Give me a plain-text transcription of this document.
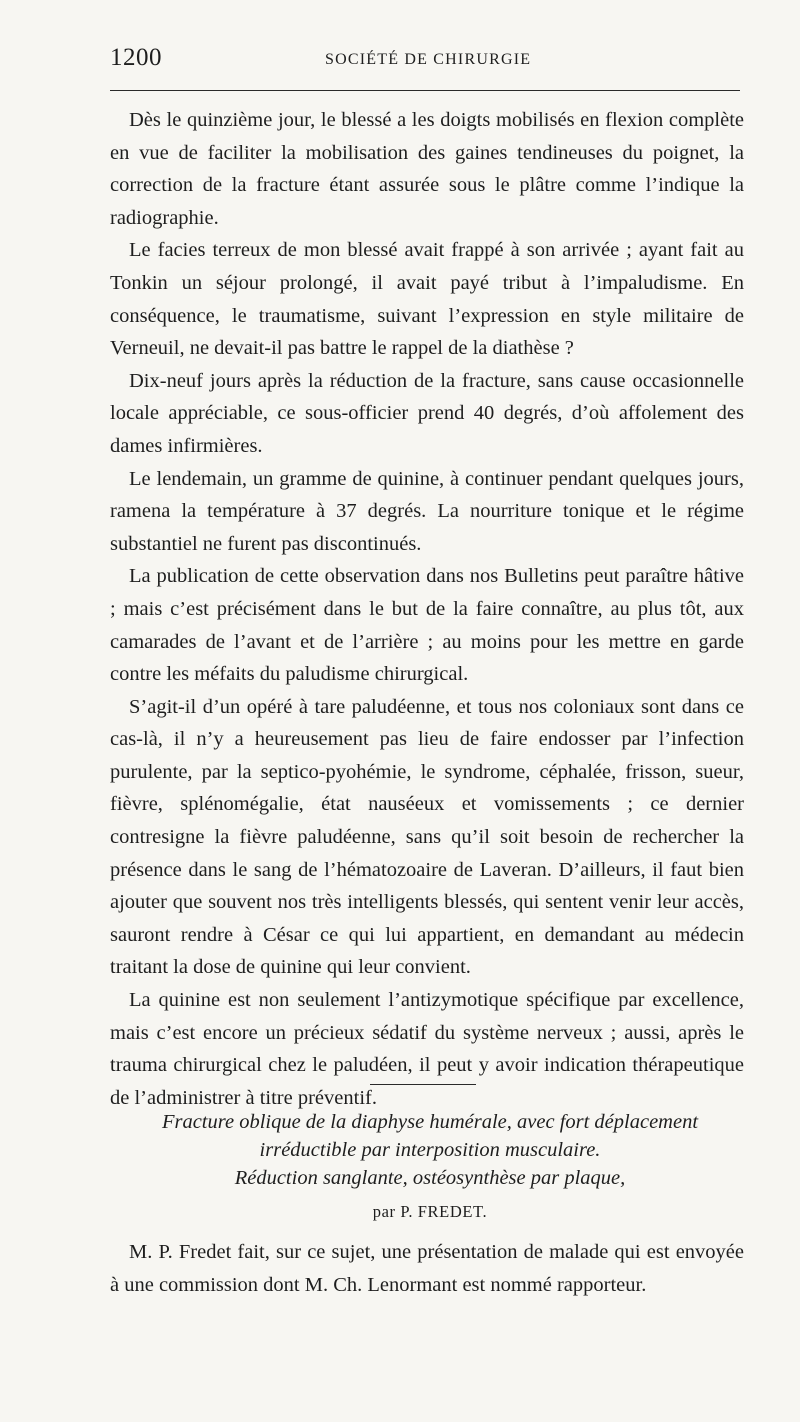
1200	SOCIÉTÉ DE CHIRURGIE

Dès le quinzième jour, le blessé a les doigts mobilisés en flexion complète en vue de faciliter la mobilisation des gaines tendineuses du poignet, la correction de la fracture étant assurée sous le plâtre comme l’indique la radiographie.

Le facies terreux de mon blessé avait frappé à son arrivée ; ayant fait au Tonkin un séjour prolongé, il avait payé tribut à l’impaludisme. En conséquence, le traumatisme, suivant l’expression en style militaire de Verneuil, ne devait-il pas battre le rappel de la diathèse ?

Dix-neuf jours après la réduction de la fracture, sans cause occasionnelle locale appréciable, ce sous-officier prend 40 degrés, d’où affolement des dames infirmières.

Le lendemain, un gramme de quinine, à continuer pendant quelques jours, ramena la température à 37 degrés. La nourriture tonique et le régime substantiel ne furent pas discontinués.

La publication de cette observation dans nos Bulletins peut paraître hâtive ; mais c’est précisément dans le but de la faire connaître, au plus tôt, aux camarades de l’avant et de l’arrière ; au moins pour les mettre en garde contre les méfaits du paludisme chirurgical.

S’agit-il d’un opéré à tare paludéenne, et tous nos coloniaux sont dans ce cas-là, il n’y a heureusement pas lieu de faire endosser par l’infection purulente, par la septico-pyohémie, le syndrome, céphalée, frisson, sueur, fièvre, splénomégalie, état nauséeux et vomissements ; ce dernier contresigne la fièvre paludéenne, sans qu’il soit besoin de rechercher la présence dans le sang de l’hématozoaire de Laveran. D’ailleurs, il faut bien ajouter que souvent nos très intelligents blessés, qui sentent venir leur accès, sauront rendre à César ce qui lui appartient, en demandant au médecin traitant la dose de quinine qui leur convient.

La quinine est non seulement l’antizymotique spécifique par excellence, mais c’est encore un précieux sédatif du système nerveux ; aussi, après le trauma chirurgical chez le paludéen, il peut y avoir indication thérapeutique de l’administrer à titre préventif.

Fracture oblique de la diaphyse humérale, avec fort déplacement
irréductible par interposition musculaire.
Réduction sanglante, ostéosynthèse par plaque,
par P. FREDET.

M. P. Fredet fait, sur ce sujet, une présentation de malade qui est envoyée à une commission dont M. Ch. Lenormant est nommé rapporteur.
